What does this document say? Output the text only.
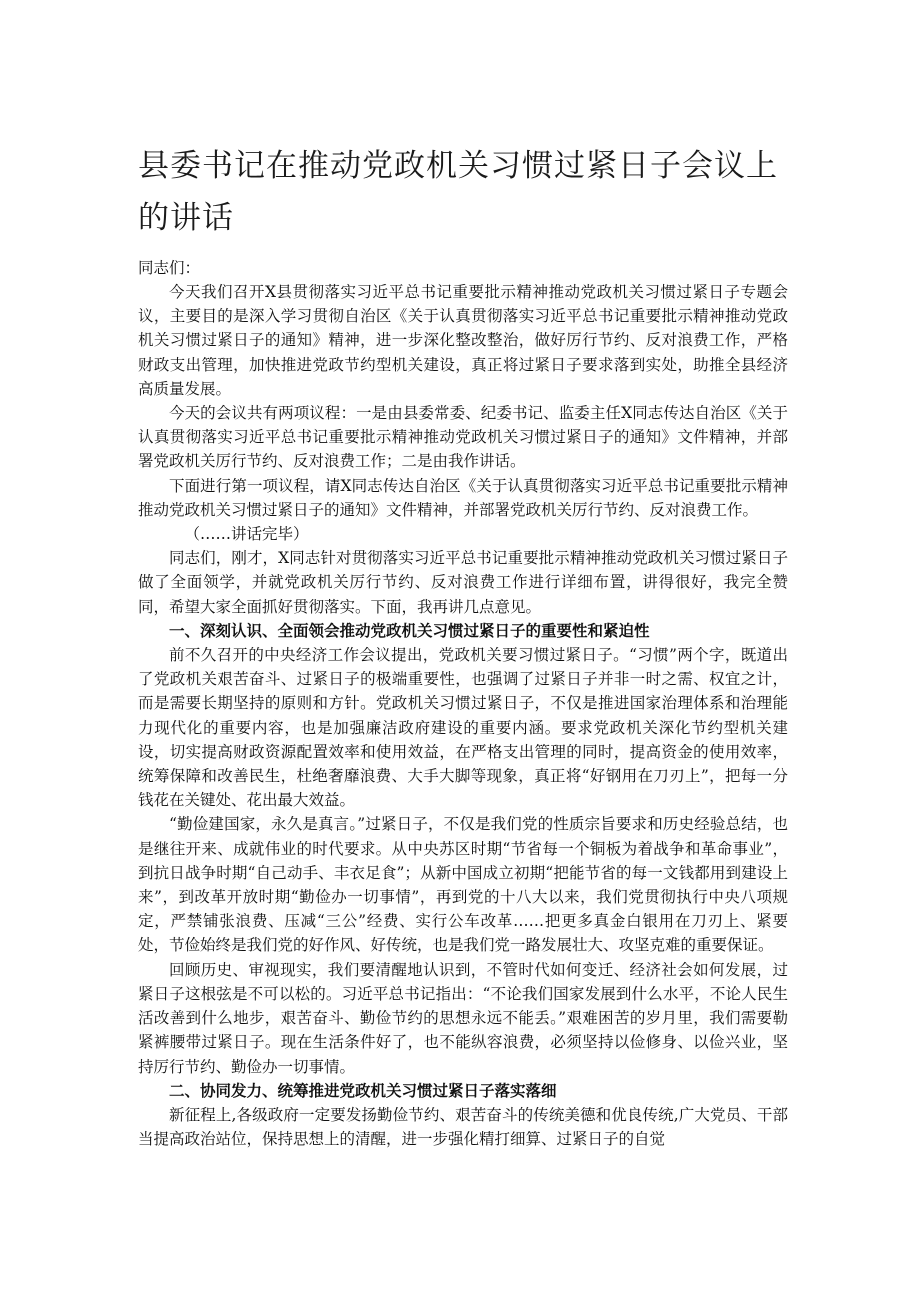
县委书记在推动党政机关习惯过紧日子会议上的讲话

同志们：

今天我们召开X县贯彻落实习近平总书记重要批示精神推动党政机关习惯过紧日子专题会议，主要目的是深入学习贯彻自治区《关于认真贯彻落实习近平总书记重要批示精神推动党政机关习惯过紧日子的通知》精神，进一步深化整改整治，做好厉行节约、反对浪费工作，严格财政支出管理，加快推进党政节约型机关建设，真正将过紧日子要求落到实处，助推全县经济高质量发展。

今天的会议共有两项议程：一是由县委常委、纪委书记、监委主任X同志传达自治区《关于认真贯彻落实习近平总书记重要批示精神推动党政机关习惯过紧日子的通知》文件精神，并部署党政机关厉行节约、反对浪费工作；二是由我作讲话。

下面进行第一项议程，请X同志传达自治区《关于认真贯彻落实习近平总书记重要批示精神推动党政机关习惯过紧日子的通知》文件精神，并部署党政机关厉行节约、反对浪费工作。

（……讲话完毕）

同志们，刚才，X同志针对贯彻落实习近平总书记重要批示精神推动党政机关习惯过紧日子做了全面领学，并就党政机关厉行节约、反对浪费工作进行详细布置，讲得很好，我完全赞同，希望大家全面抓好贯彻落实。下面，我再讲几点意见。

一、深刻认识、全面领会推动党政机关习惯过紧日子的重要性和紧迫性

前不久召开的中央经济工作会议提出，党政机关要习惯过紧日子。“习惯”两个字，既道出了党政机关艰苦奋斗、过紧日子的极端重要性，也强调了过紧日子并非一时之需、权宜之计，而是需要长期坚持的原则和方针。党政机关习惯过紧日子，不仅是推进国家治理体系和治理能力现代化的重要内容，也是加强廉洁政府建设的重要内涵。要求党政机关深化节约型机关建设，切实提高财政资源配置效率和使用效益，在严格支出管理的同时，提高资金的使用效率，统筹保障和改善民生，杜绝奢靡浪费、大手大脚等现象，真正将“好钢用在刀刃上”，把每一分钱花在关键处、花出最大效益。

“勤俭建国家，永久是真言。”过紧日子，不仅是我们党的性质宗旨要求和历史经验总结，也是继往开来、成就伟业的时代要求。从中央苏区时期“节省每一个铜板为着战争和革命事业”，到抗日战争时期“自己动手、丰衣足食”；从新中国成立初期“把能节省的每一文钱都用到建设上来”，到改革开放时期“勤俭办一切事情”，再到党的十八大以来，我们党贯彻执行中央八项规定，严禁铺张浪费、压减“三公”经费、实行公车改革……把更多真金白银用在刀刃上、紧要处，节俭始终是我们党的好作风、好传统，也是我们党一路发展壮大、攻坚克难的重要保证。

回顾历史、审视现实，我们要清醒地认识到，不管时代如何变迁、经济社会如何发展，过紧日子这根弦是不可以松的。习近平总书记指出：“不论我们国家发展到什么水平，不论人民生活改善到什么地步，艰苦奋斗、勤俭节约的思想永远不能丢。”艰难困苦的岁月里，我们需要勒紧裤腰带过紧日子。现在生活条件好了，也不能纵容浪费，必须坚持以俭修身、以俭兴业，坚持厉行节约、勤俭办一切事情。

二、协同发力、统筹推进党政机关习惯过紧日子落实落细

新征程上,各级政府一定要发扬勤俭节约、艰苦奋斗的传统美德和优良传统,广大党员、干部当提高政治站位，保持思想上的清醒，进一步强化精打细算、过紧日子的自觉
